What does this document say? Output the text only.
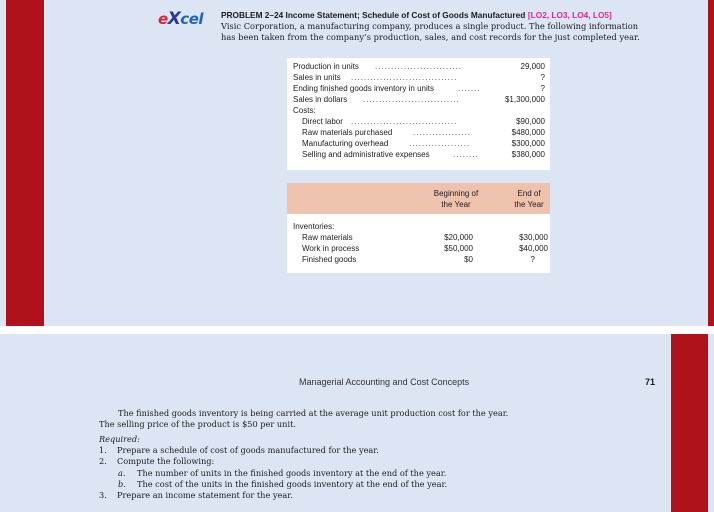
eXcel PROBLEM 2–24 Income Statement; Schedule of Cost of Goods Manufactured [LO2, LO3, LO4, LO5]
Visic Corporation, a manufacturing company, produces a single product. The following information
has been taken from the company’s production, sales, and cost records for the just completed year.
Production in units ...........................	29,000
Sales in units .................................	?
Ending finished goods inventory in units	.......	?
Sales in dollars ..............................	$1,300,000
Costs:
Direct labor .................................	$90,000
Raw materials purchased	..................	$480,000
Manufacturing overhead	...................	$300,000
Selling and administrative expenses	........	$380,000
Beginning of
the Year
End of
the Year
Inventories:
Raw materials	$20,000	$30,000
Work in process	$50,000	$40,000
Finished goods	$0	?
Managerial Accounting and Cost Concepts	71
The finished goods inventory is being carried at the average unit production cost for the year.
The selling price of the product is $50 per unit.
Required:
1. Prepare a schedule of cost of goods manufactured for the year.
2. Compute the following:
a. The number of units in the finished goods inventory at the end of the year.
b. The cost of the units in the finished goods inventory at the end of the year.
3. Prepare an income statement for the year.
